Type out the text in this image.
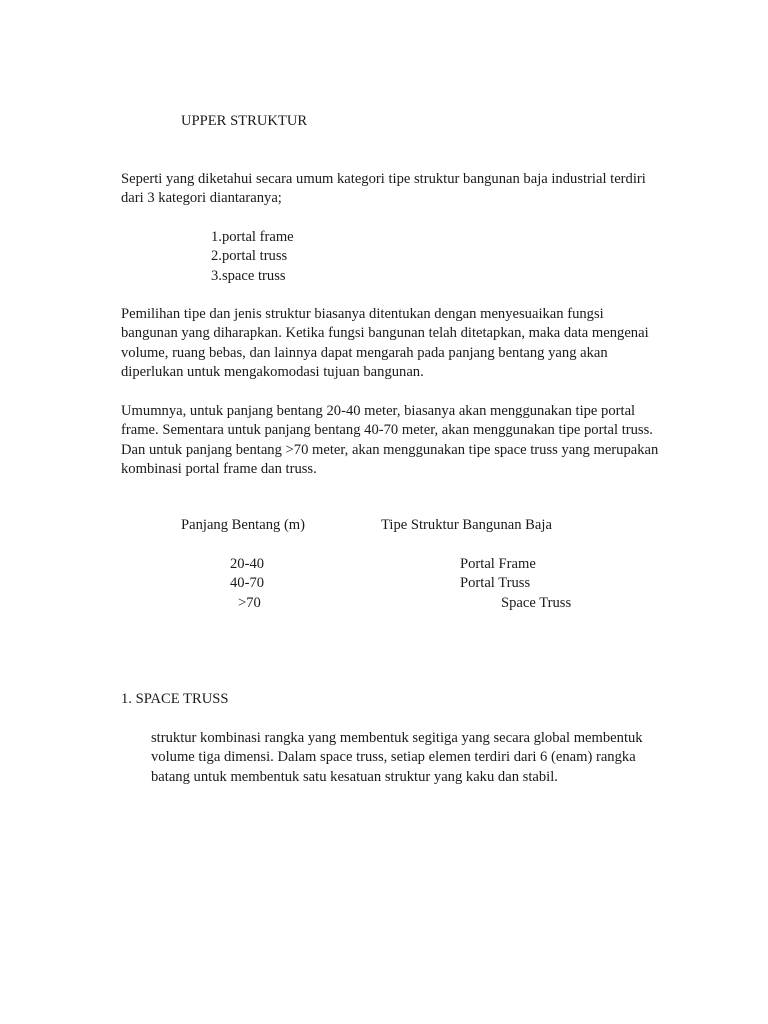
UPPER STRUKTUR
Seperti yang diketahui secara umum kategori tipe struktur bangunan baja industrial terdiri
dari 3 kategori diantaranya;
1.portal frame
2.portal truss
3.space truss
Pemilihan tipe dan jenis struktur biasanya ditentukan dengan menyesuaikan fungsi
bangunan yang diharapkan. Ketika fungsi bangunan telah ditetapkan, maka data mengenai
volume, ruang bebas, dan lainnya dapat mengarah pada panjang bentang yang akan
diperlukan untuk mengakomodasi tujuan bangunan.
Umumnya, untuk panjang bentang 20-40 meter, biasanya akan menggunakan tipe portal
frame. Sementara untuk panjang bentang 40-70 meter, akan menggunakan tipe portal truss.
Dan untuk panjang bentang >70 meter, akan menggunakan tipe space truss yang merupakan
kombinasi portal frame dan truss.
Panjang Bentang (m)	Tipe Struktur Bangunan Baja
20-40	Portal Frame
40-70	Portal Truss
>70	Space Truss
1. SPACE TRUSS
struktur kombinasi rangka yang membentuk segitiga yang secara global membentuk
volume tiga dimensi. Dalam space truss, setiap elemen terdiri dari 6 (enam) rangka
batang untuk membentuk satu kesatuan struktur yang kaku dan stabil.
